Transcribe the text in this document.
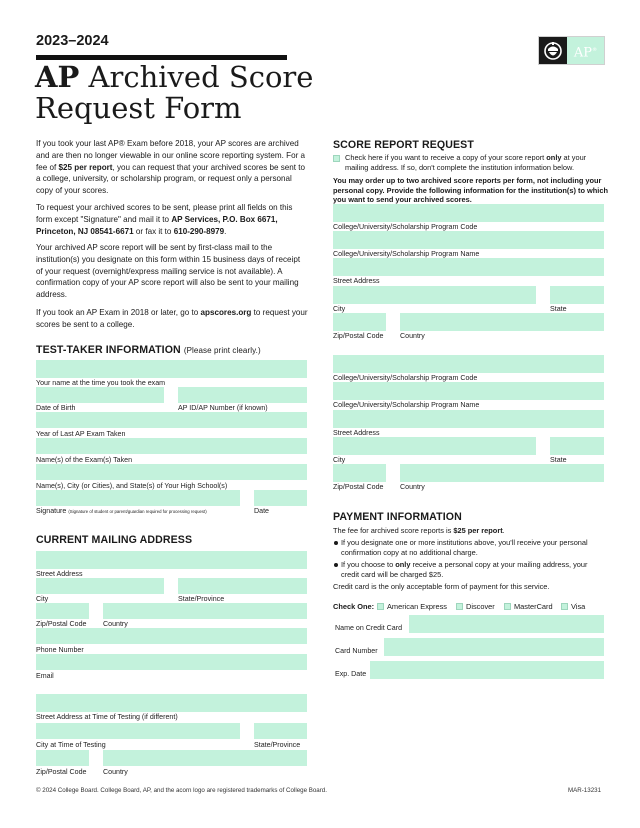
2023–2024
AP Archived Score
Request Form
AP®
If you took your last AP® Exam before 2018, your AP scores are archived and are then no longer viewable in our online score reporting system. For a fee of $25 per report, you can request that your archived scores be sent to a college, university, or scholarship program, or request only a personal copy of your scores.
To request your archived scores to be sent, please print all fields on this form except "Signature" and mail it to AP Services, P.O. Box 6671, Princeton, NJ 08541-6671 or fax it to 610-290-8979.
Your archived AP score report will be sent by first-class mail to the institution(s) you designate on this form within 15 business days of receipt of your request (overnight/express mailing service is not available). A confirmation copy of your AP score report will also be sent to your mailing address.
If you took an AP Exam in 2018 or later, go to apscores.org to request your scores be sent to a college.
TEST-TAKER INFORMATION (Please print clearly.)
Your name at the time you took the exam
Date of Birth	AP ID/AP Number (if known)
Year of Last AP Exam Taken
Name(s) of the Exam(s) Taken
Name(s), City (or Cities), and State(s) of Your High School(s)
Signature (Signature of student or parent/guardian required for processing request)	Date
CURRENT MAILING ADDRESS
Street Address
City	State/Province
Zip/Postal Code Country
Phone Number
Email
Street Address at Time of Testing (if different)
City at Time of Testing	State/Province
Zip/Postal Code Country
SCORE REPORT REQUEST
Check here if you want to receive a copy of your score report only at your mailing address. If so, don't complete the institution information below.
You may order up to two archived score reports per form, not including your personal copy. Provide the following information for the institution(s) to which you want to send your archived scores.
College/University/Scholarship Program Code
College/University/Scholarship Program Name
Street Address
City	State
Zip/Postal Code Country
College/University/Scholarship Program Code
College/University/Scholarship Program Name
Street Address
City	State
Zip/Postal Code Country
PAYMENT INFORMATION
The fee for archived score reports is $25 per report.
If you designate one or more institutions above, you'll receive your personal confirmation copy at no additional charge.
If you choose to only receive a personal copy at your mailing address, your credit card will be charged $25.
Credit card is the only acceptable form of payment for this service.
Check One: American Express	Discover	MasterCard Visa
Name on Credit Card
Card Number
Exp. Date
© 2024 College Board. College Board, AP, and the acorn logo are registered trademarks of College Board.	MAR-13231
